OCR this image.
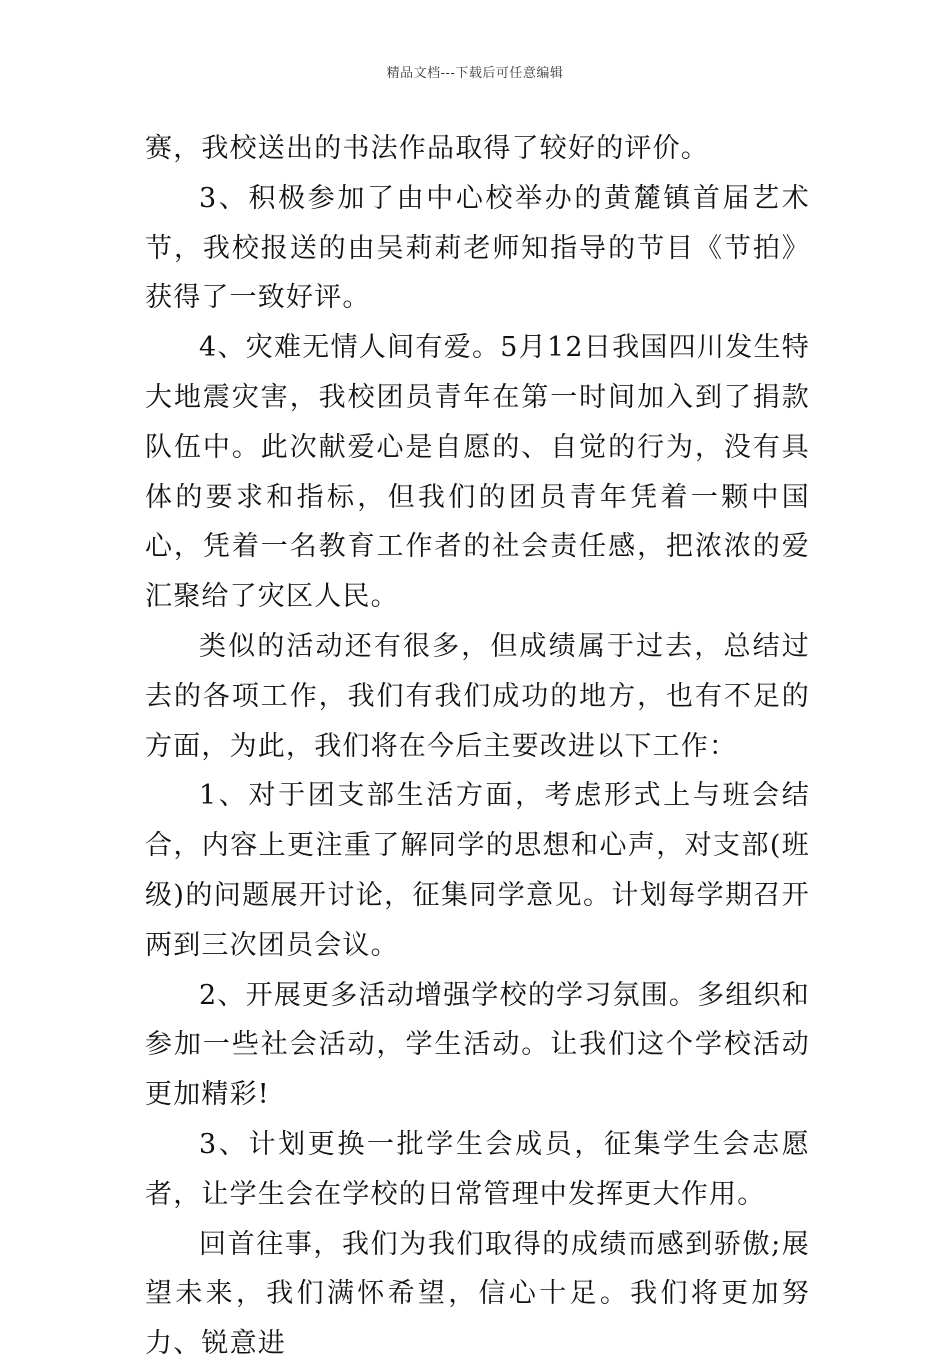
精品文档---下载后可任意编辑

赛，我校送出的书法作品取得了较好的评价。

3、积极参加了由中心校举办的黄麓镇首届艺术节，我校报送的由吴莉莉老师知指导的节目《节拍》获得了一致好评。

4、灾难无情人间有爱。5月12日我国四川发生特大地震灾害，我校团员青年在第一时间加入到了捐款队伍中。此次献爱心是自愿的、自觉的行为，没有具体的要求和指标，但我们的团员青年凭着一颗中国心，凭着一名教育工作者的社会责任感，把浓浓的爱汇聚给了灾区人民。

类似的活动还有很多，但成绩属于过去，总结过去的各项工作，我们有我们成功的地方，也有不足的方面，为此，我们将在今后主要改进以下工作：

1、对于团支部生活方面，考虑形式上与班会结合，内容上更注重了解同学的思想和心声，对支部(班级)的问题展开讨论，征集同学意见。计划每学期召开两到三次团员会议。

2、开展更多活动增强学校的学习氛围。多组织和参加一些社会活动，学生活动。让我们这个学校活动更加精彩!

3、计划更换一批学生会成员，征集学生会志愿者，让学生会在学校的日常管理中发挥更大作用。

回首往事，我们为我们取得的成绩而感到骄傲;展望未来，我们满怀希望，信心十足。我们将更加努力、锐意进
